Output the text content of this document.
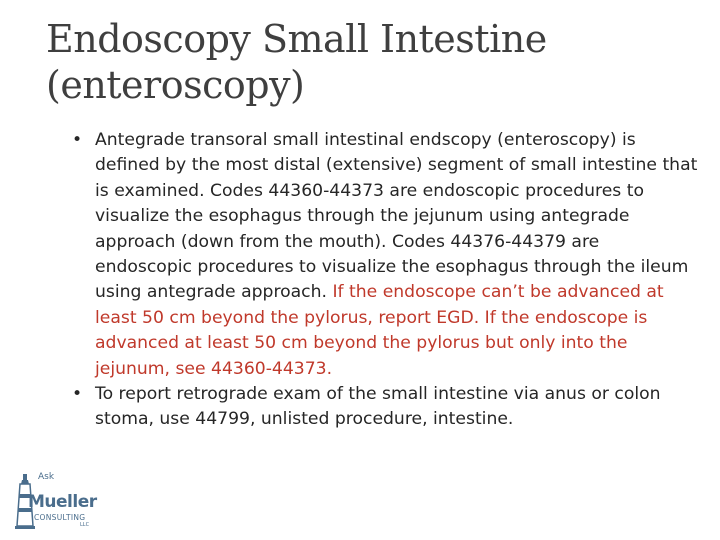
Endoscopy Small Intestine
(enteroscopy)

• Antegrade transoral small intestinal endscopy (enteroscopy) is defined by the most distal (extensive) segment of small intestine that is examined. Codes 44360-44373 are endoscopic procedures to visualize the esophagus through the jejunum using antegrade approach (down from the mouth). Codes 44376-44379 are endoscopic procedures to visualize the esophagus through the ileum using antegrade approach. If the endoscope can’t be advanced at least 50 cm beyond the pylorus, report EGD. If the endoscope is advanced at least 50 cm beyond the pylorus but only into the jejunum, see 44360-44373.

• To report retrograde exam of the small intestine via anus or colon stoma, use 44799, unlisted procedure, intestine.

Ask
Mueller
CONSULTING
LLC
